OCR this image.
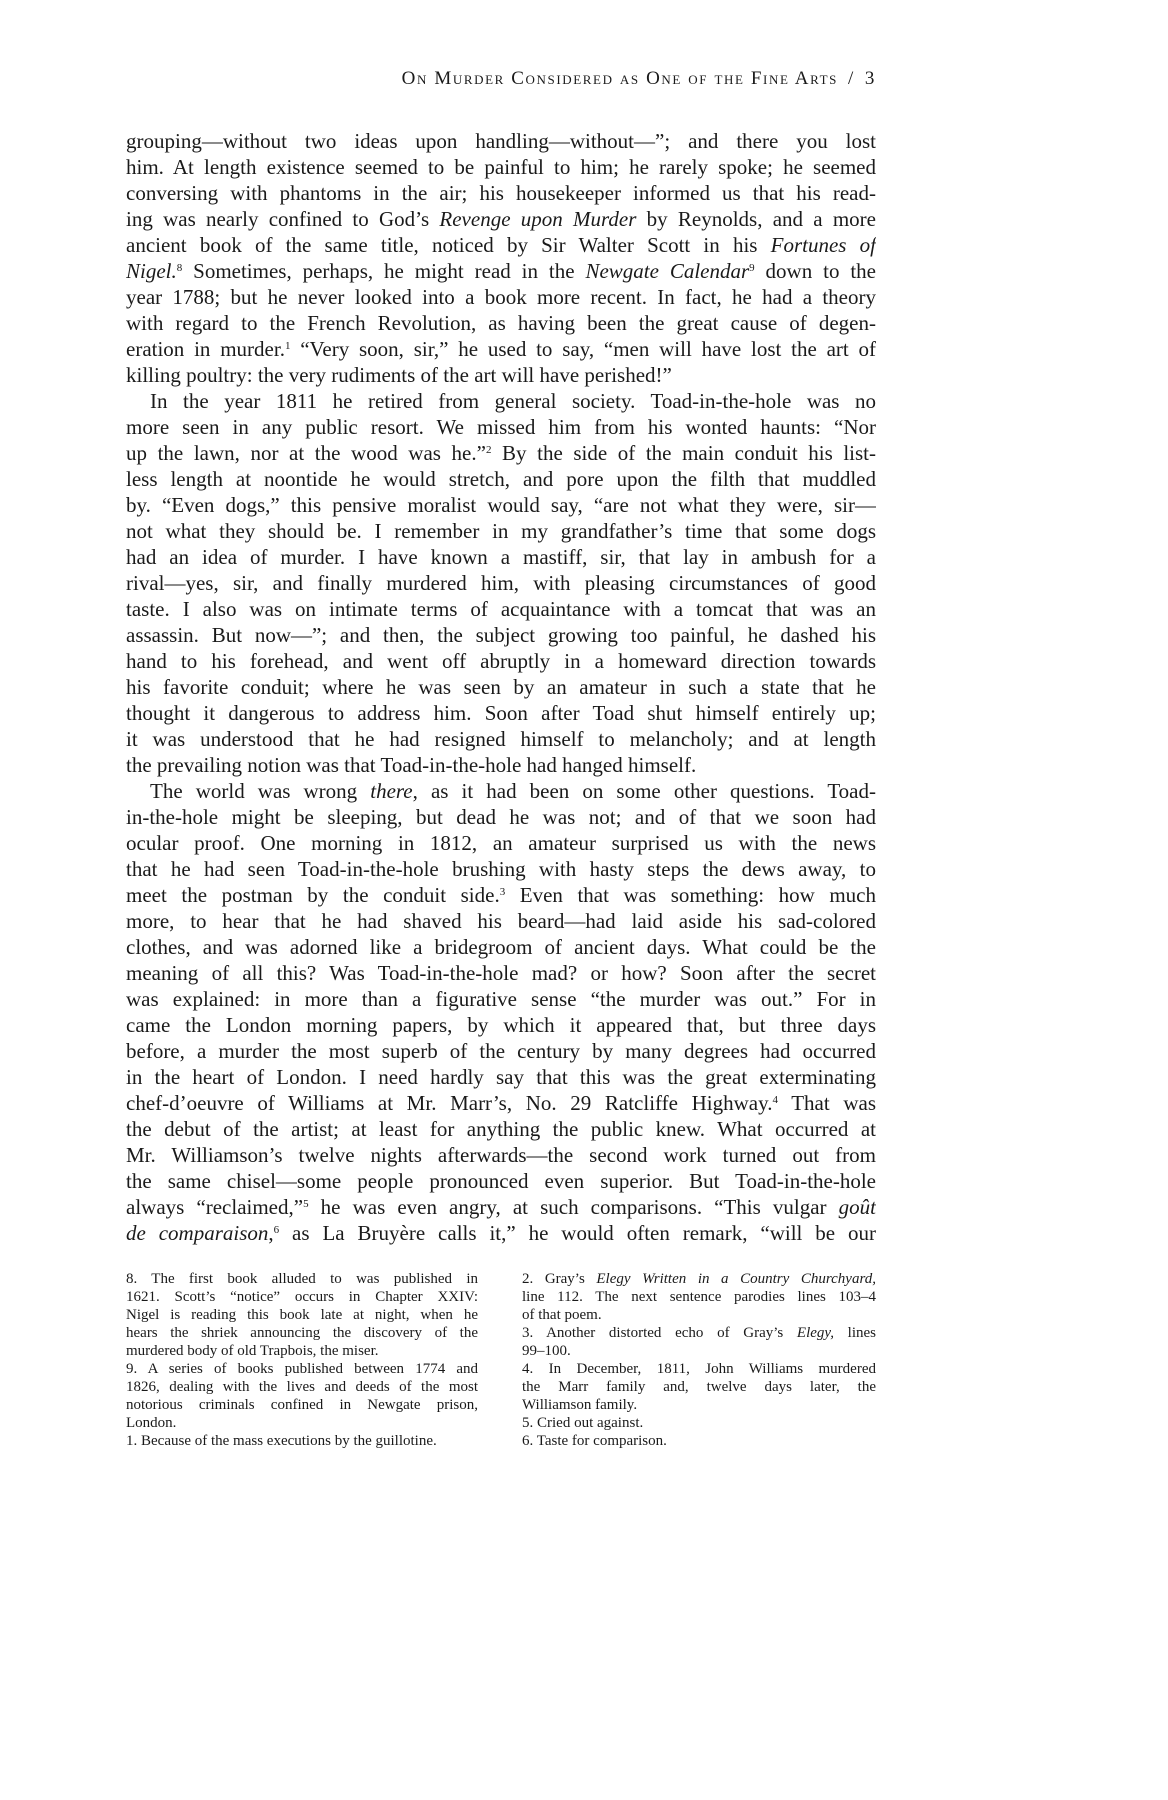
On Murder Considered as One of the Fine Arts / 3
grouping—without two ideas upon handling—without—”; and there you lost
him. At length existence seemed to be painful to him; he rarely spoke; he seemed
conversing with phantoms in the air; his housekeeper informed us that his read-
ing was nearly confined to God’s Revenge upon Murder by Reynolds, and a more
ancient book of the same title, noticed by Sir Walter Scott in his Fortunes of
Nigel.$^8$ Sometimes, perhaps, he might read in the Newgate Calendar$^9$ down to the
year 1788; but he never looked into a book more recent. In fact, he had a theory
with regard to the French Revolution, as having been the great cause of degen-
eration in murder.$^1$ “Very soon, sir,” he used to say, “men will have lost the art of
killing poultry: the very rudiments of the art will have perished!”
In the year 1811 he retired from general society. Toad-in-the-hole was no
more seen in any public resort. We missed him from his wonted haunts: “Nor
up the lawn, nor at the wood was he.”$^2$ By the side of the main conduit his list-
less length at noontide he would stretch, and pore upon the filth that muddled
by. “Even dogs,” this pensive moralist would say, “are not what they were, sir—
not what they should be. I remember in my grandfather’s time that some dogs
had an idea of murder. I have known a mastiff, sir, that lay in ambush for a
rival—yes, sir, and finally murdered him, with pleasing circumstances of good
taste. I also was on intimate terms of acquaintance with a tomcat that was an
assassin. But now—”; and then, the subject growing too painful, he dashed his
hand to his forehead, and went off abruptly in a homeward direction towards
his favorite conduit; where he was seen by an amateur in such a state that he
thought it dangerous to address him. Soon after Toad shut himself entirely up;
it was understood that he had resigned himself to melancholy; and at length
the prevailing notion was that Toad-in-the-hole had hanged himself.
The world was wrong there, as it had been on some other questions. Toad-
in-the-hole might be sleeping, but dead he was not; and of that we soon had
ocular proof. One morning in 1812, an amateur surprised us with the news
that he had seen Toad-in-the-hole brushing with hasty steps the dews away, to
meet the postman by the conduit side.$^3$ Even that was something: how much
more, to hear that he had shaved his beard—had laid aside his sad-colored
clothes, and was adorned like a bridegroom of ancient days. What could be the
meaning of all this? Was Toad-in-the-hole mad? or how? Soon after the secret
was explained: in more than a figurative sense “the murder was out.” For in
came the London morning papers, by which it appeared that, but three days
before, a murder the most superb of the century by many degrees had occurred
in the heart of London. I need hardly say that this was the great exterminating
chef-d’oeuvre of Williams at Mr. Marr’s, No. 29 Ratcliffe Highway.$^4$ That was
the debut of the artist; at least for anything the public knew. What occurred at
Mr. Williamson’s twelve nights afterwards—the second work turned out from
the same chisel—some people pronounced even superior. But Toad-in-the-hole
always “reclaimed,”$^5$ he was even angry, at such comparisons. “This vulgar goût
de comparaison,$^6$ as La Bruyère calls it,” he would often remark, “will be our
8. The first book alluded to was published in
1621. Scott’s “notice” occurs in Chapter XXIV:
Nigel is reading this book late at night, when he
hears the shriek announcing the discovery of the
murdered body of old Trapbois, the miser.
9. A series of books published between 1774 and
1826, dealing with the lives and deeds of the most
notorious criminals confined in Newgate prison,
London.
1. Because of the mass executions by the guillotine.
2. Gray’s Elegy Written in a Country Churchyard,
line 112. The next sentence parodies lines 103–4
of that poem.
3. Another distorted echo of Gray’s Elegy, lines
99–100.
4. In December, 1811, John Williams murdered
the Marr family and, twelve days later, the
Williamson family.
5. Cried out against.
6. Taste for comparison.
